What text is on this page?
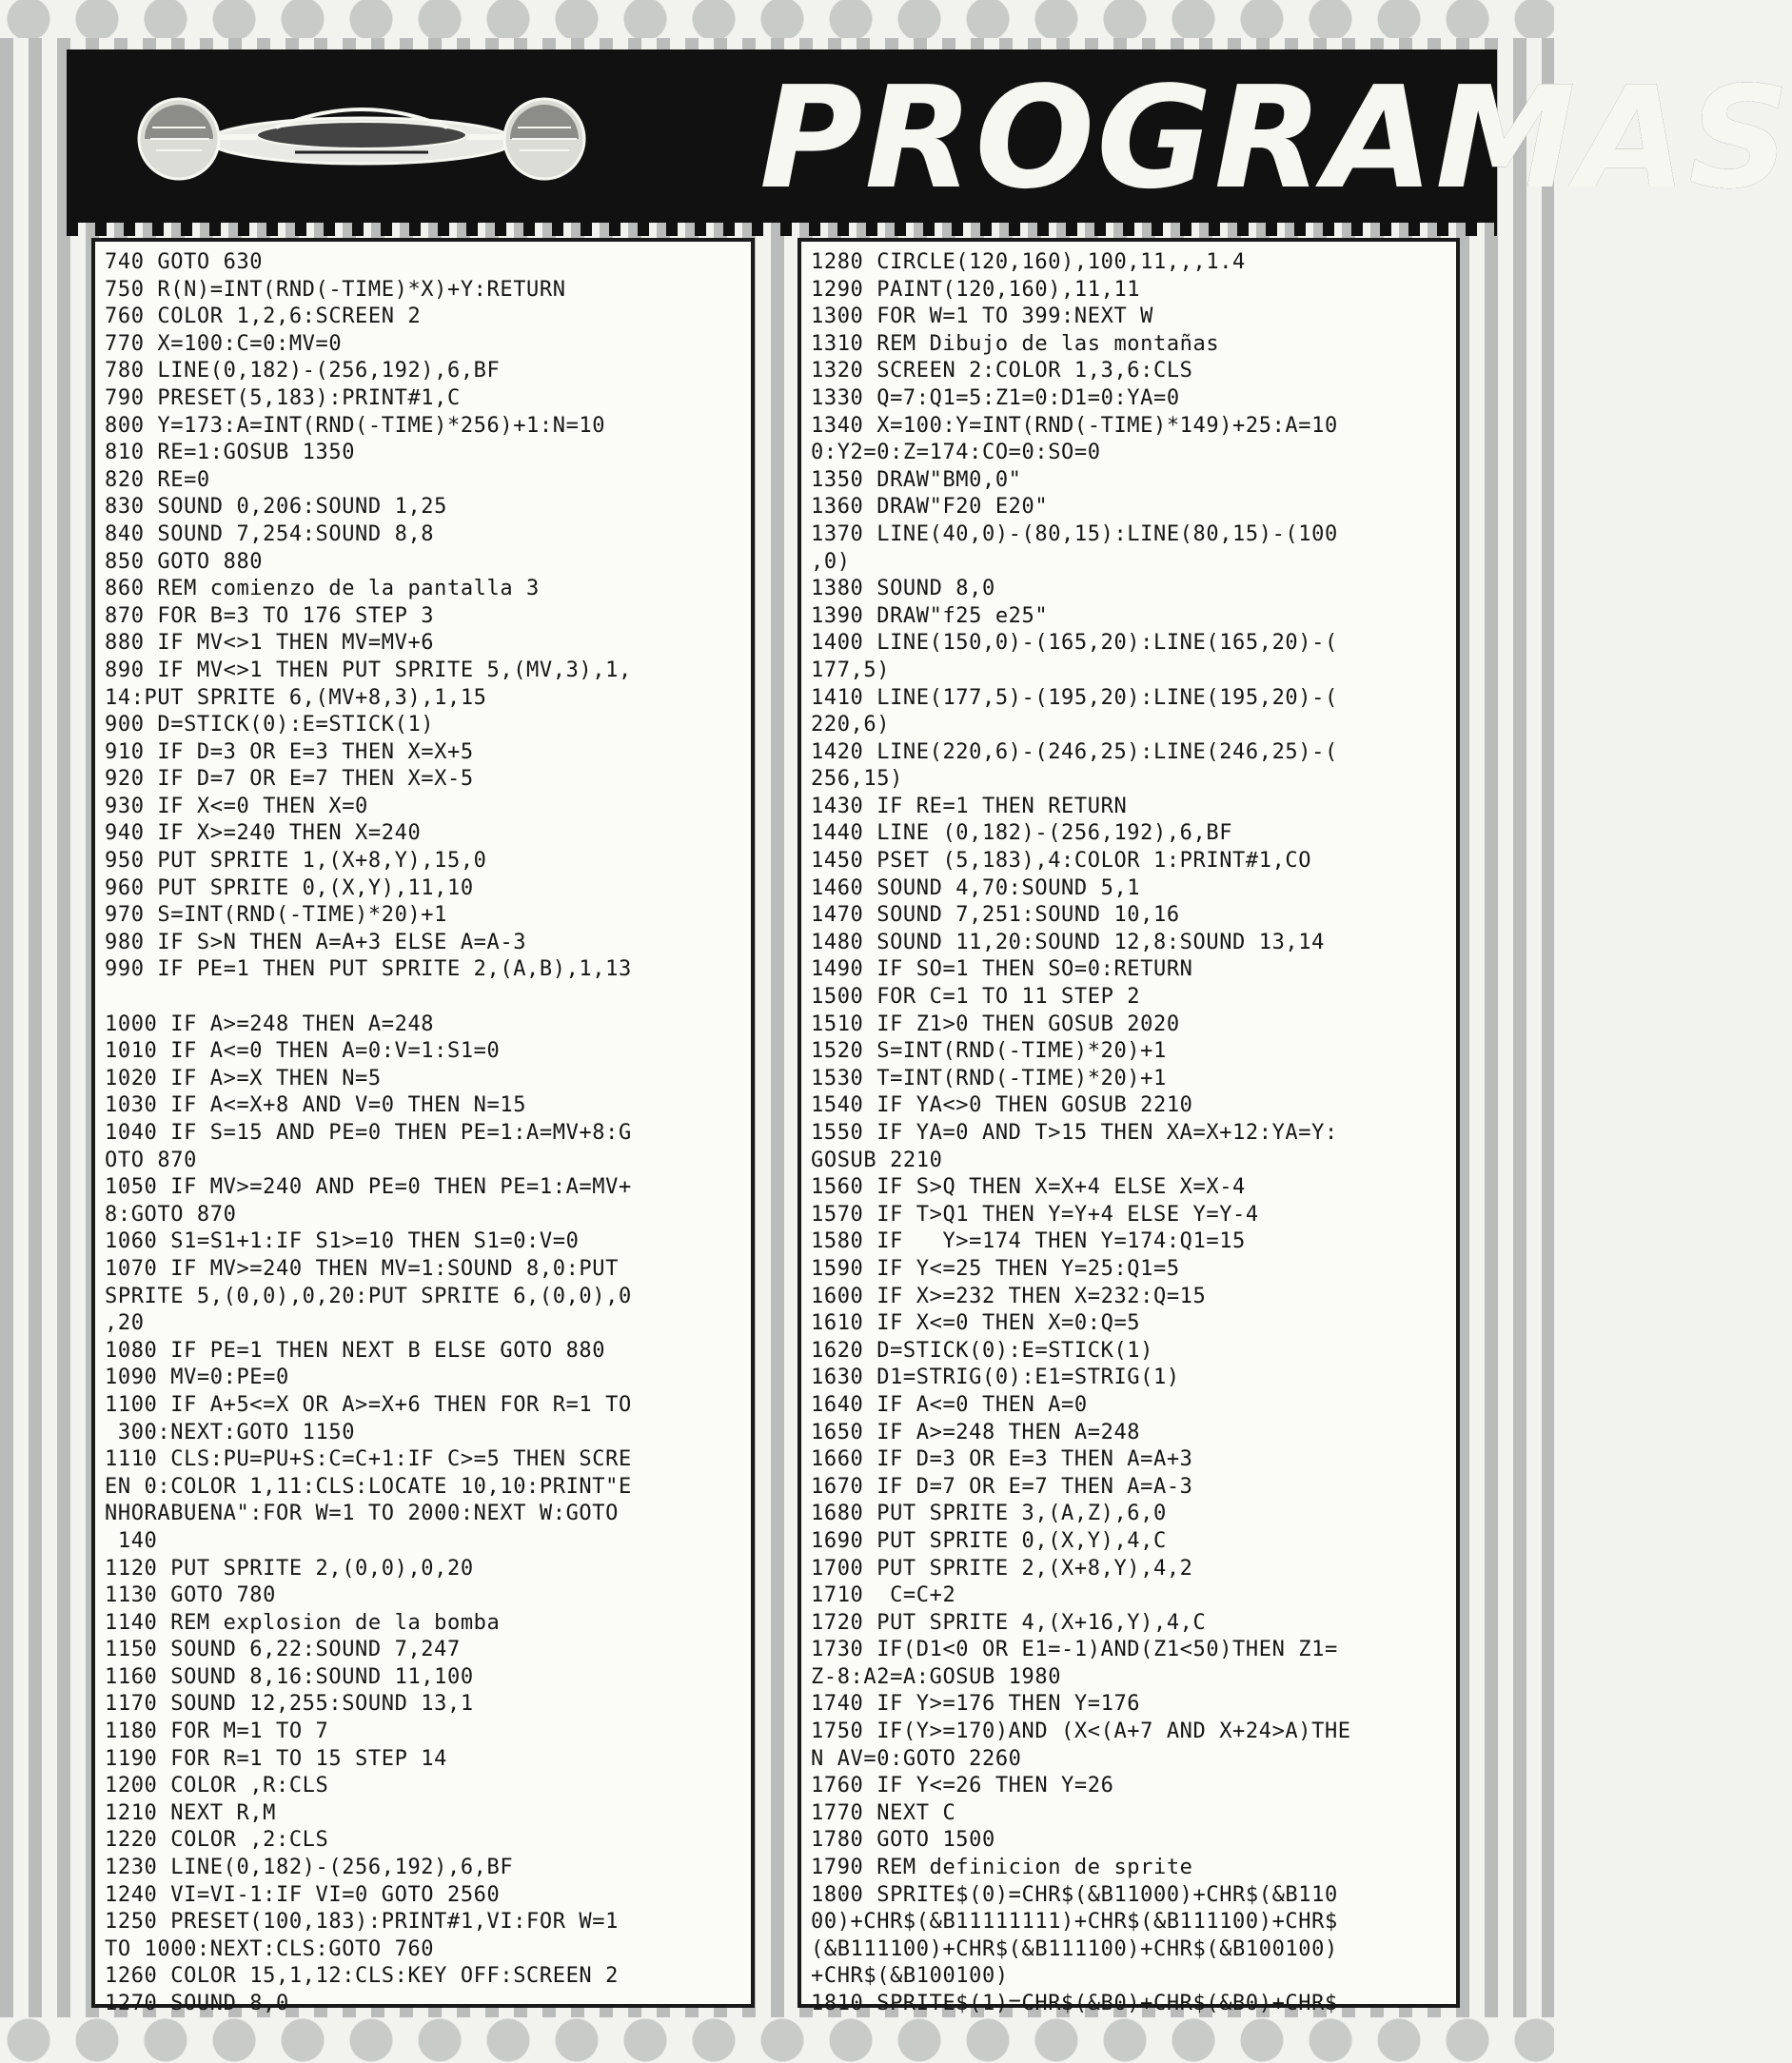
PROGRAMAS
740 GOTO 630
750 R(N)=INT(RND(-TIME)*X)+Y:RETURN
760 COLOR 1,2,6:SCREEN 2
770 X=100:C=0:MV=0
780 LINE(0,182)-(256,192),6,BF
790 PRESET(5,183):PRINT#1,C
800 Y=173:A=INT(RND(-TIME)*256)+1:N=10
810 RE=1:GOSUB 1350
820 RE=0
830 SOUND 0,206:SOUND 1,25
840 SOUND 7,254:SOUND 8,8
850 GOTO 880
860 REM comienzo de la pantalla 3
870 FOR B=3 TO 176 STEP 3
880 IF MV<>1 THEN MV=MV+6
890 IF MV<>1 THEN PUT SPRITE 5,(MV,3),1,
14:PUT SPRITE 6,(MV+8,3),1,15
900 D=STICK(0):E=STICK(1)
910 IF D=3 OR E=3 THEN X=X+5
920 IF D=7 OR E=7 THEN X=X-5
930 IF X<=0 THEN X=0
940 IF X>=240 THEN X=240
950 PUT SPRITE 1,(X+8,Y),15,0
960 PUT SPRITE 0,(X,Y),11,10
970 S=INT(RND(-TIME)*20)+1
980 IF S>N THEN A=A+3 ELSE A=A-3
990 IF PE=1 THEN PUT SPRITE 2,(A,B),1,13

1000 IF A>=248 THEN A=248
1010 IF A<=0 THEN A=0:V=1:S1=0
1020 IF A>=X THEN N=5
1030 IF A<=X+8 AND V=0 THEN N=15
1040 IF S=15 AND PE=0 THEN PE=1:A=MV+8:G
OTO 870
1050 IF MV>=240 AND PE=0 THEN PE=1:A=MV+
8:GOTO 870
1060 S1=S1+1:IF S1>=10 THEN S1=0:V=0
1070 IF MV>=240 THEN MV=1:SOUND 8,0:PUT
SPRITE 5,(0,0),0,20:PUT SPRITE 6,(0,0),0
,20
1080 IF PE=1 THEN NEXT B ELSE GOTO 880
1090 MV=0:PE=0
1100 IF A+5<=X OR A>=X+6 THEN FOR R=1 TO
300:NEXT:GOTO 1150
1110 CLS:PU=PU+S:C=C+1:IF C>=5 THEN SCRE
EN 0:COLOR 1,11:CLS:LOCATE 10,10:PRINT"E
NHORABUENA":FOR W=1 TO 2000:NEXT W:GOTO
140
1120 PUT SPRITE 2,(0,0),0,20
1130 GOTO 780
1140 REM explosion de la bomba
1150 SOUND 6,22:SOUND 7,247
1160 SOUND 8,16:SOUND 11,100
1170 SOUND 12,255:SOUND 13,1
1180 FOR M=1 TO 7
1190 FOR R=1 TO 15 STEP 14
1200 COLOR ,R:CLS
1210 NEXT R,M
1220 COLOR ,2:CLS
1230 LINE(0,182)-(256,192),6,BF
1240 VI=VI-1:IF VI=0 GOTO 2560
1250 PRESET(100,183):PRINT#1,VI:FOR W=1
TO 1000:NEXT:CLS:GOTO 760
1260 COLOR 15,1,12:CLS:KEY OFF:SCREEN 2
1270 SOUND 8,0
1280 CIRCLE(120,160),100,11,,,1.4
1290 PAINT(120,160),11,11
1300 FOR W=1 TO 399:NEXT W
1310 REM Dibujo de las montañas
1320 SCREEN 2:COLOR 1,3,6:CLS
1330 Q=7:Q1=5:Z1=0:D1=0:YA=0
1340 X=100:Y=INT(RND(-TIME)*149)+25:A=10
0:Y2=0:Z=174:CO=0:SO=0
1350 DRAW"BM0,0"
1360 DRAW"F20 E20"
1370 LINE(40,0)-(80,15):LINE(80,15)-(100
,0)
1380 SOUND 8,0
1390 DRAW"f25 e25"
1400 LINE(150,0)-(165,20):LINE(165,20)-(
177,5)
1410 LINE(177,5)-(195,20):LINE(195,20)-(
220,6)
1420 LINE(220,6)-(246,25):LINE(246,25)-(
256,15)
1430 IF RE=1 THEN RETURN
1440 LINE (0,182)-(256,192),6,BF
1450 PSET (5,183),4:COLOR 1:PRINT#1,CO
1460 SOUND 4,70:SOUND 5,1
1470 SOUND 7,251:SOUND 10,16
1480 SOUND 11,20:SOUND 12,8:SOUND 13,14
1490 IF SO=1 THEN SO=0:RETURN
1500 FOR C=1 TO 11 STEP 2
1510 IF Z1>0 THEN GOSUB 2020
1520 S=INT(RND(-TIME)*20)+1
1530 T=INT(RND(-TIME)*20)+1
1540 IF YA<>0 THEN GOSUB 2210
1550 IF YA=0 AND T>15 THEN XA=X+12:YA=Y:
GOSUB 2210
1560 IF S>Q THEN X=X+4 ELSE X=X-4
1570 IF T>Q1 THEN Y=Y+4 ELSE Y=Y-4
1580 IF   Y>=174 THEN Y=174:Q1=15
1590 IF Y<=25 THEN Y=25:Q1=5
1600 IF X>=232 THEN X=232:Q=15
1610 IF X<=0 THEN X=0:Q=5
1620 D=STICK(0):E=STICK(1)
1630 D1=STRIG(0):E1=STRIG(1)
1640 IF A<=0 THEN A=0
1650 IF A>=248 THEN A=248
1660 IF D=3 OR E=3 THEN A=A+3
1670 IF D=7 OR E=7 THEN A=A-3
1680 PUT SPRITE 3,(A,Z),6,0
1690 PUT SPRITE 0,(X,Y),4,C
1700 PUT SPRITE 2,(X+8,Y),4,2
1710  C=C+2
1720 PUT SPRITE 4,(X+16,Y),4,C
1730 IF(D1<0 OR E1=-1)AND(Z1<50)THEN Z1=
Z-8:A2=A:GOSUB 1980
1740 IF Y>=176 THEN Y=176
1750 IF(Y>=170)AND (X<(A+7 AND X+24>A)THE
N AV=0:GOTO 2260
1760 IF Y<=26 THEN Y=26
1770 NEXT C
1780 GOTO 1500
1790 REM definicion de sprite
1800 SPRITE$(0)=CHR$(&B11000)+CHR$(&B110
00)+CHR$(&B11111111)+CHR$(&B111100)+CHR$
(&B111100)+CHR$(&B111100)+CHR$(&B100100)
+CHR$(&B100100)
1810 SPRITE$(1)=CHR$(&B0)+CHR$(&B0)+CHR$
